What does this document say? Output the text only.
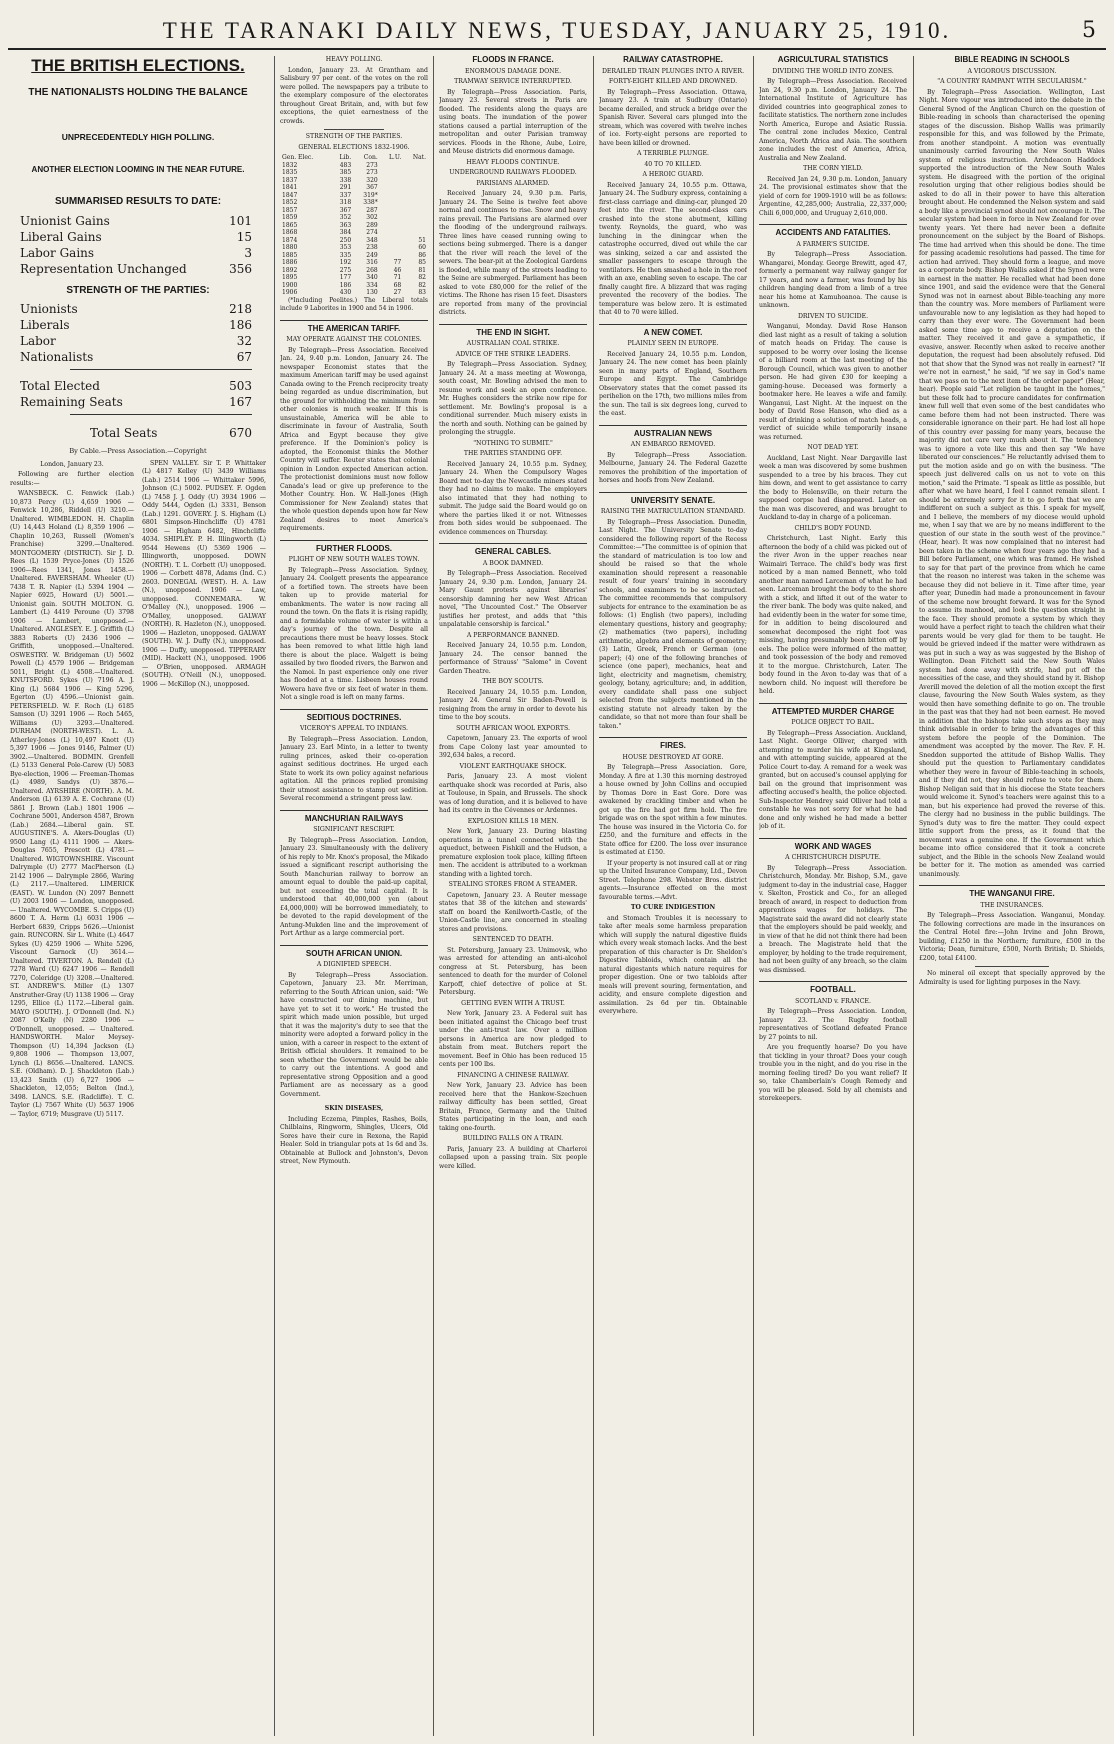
THE TARANAKI DAILY NEWS, TUESDAY, JANUARY 25, 1910.	5
THE BRITISH ELECTIONS.
THE NATIONALISTS HOLDING THE BALANCE
UNPRECEDENTEDLY HIGH POLLING.
ANOTHER ELECTION LOOMING IN THE NEAR FUTURE.
SUMMARISED RESULTS TO DATE:
Unionist Gains	101
Liberal Gains	15
Labor Gains	3
Representation Unchanged	356
STRENGTH OF THE PARTIES:
Unionists	218
Liberals	186
Labor	32
Nationalists	67
Total Elected	503
Remaining Seats	167
Total Seats	670
By Cable.—Press Association.—Copyright
London, January 23.

Following are further election results:—

WANSBECK. C. Fenwick (Lab.) 10,873 Percy (U.) 4,659 1906 — Fenwick 10,286, Riddell (U) 3210.—Unaltered. WIMBLEDON. H. Chaplin (U) 14,443 Holand (L) 8,359 1906 — Chaplin 10,263, Russell (Women's Franchise) 3299.—Unaltered. MONTGOMERY (DISTRICT). Sir J. D. Rees (L) 1539 Pryce-Jones (U) 1526 1906—Rees 1341, Jones 1458.—Unaltered. FAVERSHAM. Wheeler (U) 7438 T. R. Napier (L) 5394 1904 — Napier 6925, Howard (U) 5001.—Unionist gain. SOUTH MOLTON. G. Lambert (L) 4419 Peroune (U) 3798 1906 — Lambert, unopposed.—Unaltered. ANGLESEY. E. J. Griffith (L) 3883 Roberts (U) 2436 1906 — Griffith, unopposed.—Unaltered. OSWESTRY. W. Bridgeman (U) 5602 Powell (L) 4579 1906 — Bridgeman 5011, Bright (L) 4508.—Unaltered. KNUTSFORD. Sykes (U) 7196 A. J. King (L) 5684 1906 — King 5296, Egerton (U) 4596.—Unionist gain. PETERSFIELD. W. F. Roch (L) 6185 Samson (U) 3291 1906 — Roch 5465, Williams (U) 3293.—Unaltered. DURHAM (NORTH-WEST). L. A. Atherley-Jones (L) 10,497 Knott (U) 5,397 1906 — Jones 9146, Palmer (U) 3902.—Unaltered. BODMIN. Grenfell (L) 5133 General Pole-Carew (U) 5083 Bye-election, 1906 — Freeman-Thomas (L) 4989, Sandys (U) 3876.—Unaltered. AYRSHIRE (NORTH). A. M. Anderson (L) 6139 A. E. Cochrane (U) 5861 J. Brown (Lab.) 1801 1906 — Cochrane 5001, Anderson 4587, Brown (Lab.) 2684.—Liberal gain. ST. AUGUSTINE'S. A. Akers-Douglas (U) 9500 Lang (L) 4111 1906 — Akers-Douglas 7655, Prescott (L) 4781.—Unaltered. WIGTOWNSHIRE. Viscount Dalrymple (U) 2777 MacPherson (L) 2142 1906 — Dalrymple 2866, Waring (L) 2117.—Unaltered. LIMERICK (EAST). W. Lundon (N) 2097 Bennett (U) 2003 1906 — London, unopposed. — Unaltered. WYCOMBE. S. Cripps (U) 8600 T. A. Herm (L) 6031 1906 — Herbert 6839, Cripps 5626.—Unionist gain. RUNCORN. Sir L. White (L) 4647 Sykes (U) 4259 1906 — White 5296, Viscount Garnock (U) 3614.—Unaltered. TIVERTON. A. Rendell (L) 7278 Ward (U) 6247 1906 — Rendell 7270, Coleridge (U) 3208.—Unaltered. ST. ANDREW'S. Miller (L) 1307 Anstruther-Gray (U) 1138 1906 — Gray 1295, Ellice (L) 1172.—Liberal gain. MAYO (SOUTH). J. O'Donnell (Ind. N.) 2087 O'Kelly (N) 2280 1906 — O'Donnell, unopposed. — Unaltered. HANDSWORTH. Malor Meysey-Thompson (U) 14,394 Jackson (L) 9,808 1906 — Thompson 13,007, Lynch (L) 8656.—Unaltered. LANCS. S.E. (Oldham). D. J. Shackleton (Lab.) 13,423 Smith (U) 6,727 1906 — Shackleton, 12,055; Belton (Ind.), 3498. LANCS. S.E. (Radcliffe). T. C. Taylor (L) 7567 White (U) 5637 1906 — Taylor, 6719; Musgrave (U) 5117.

SPEN VALLEY. Sir T. P. Whittaker (L) 4817 Kelley (U) 3439 Williams (Lab.) 2514 1906 — Whittaker 5996, Johnson (C.) 5002. PUDSEY. F. Ogden (L) 7458 J. J. Oddy (U) 3934 1906 — Oddy 5444, Ogden (L) 3331, Benson (Lab.) 1291. GOVERY. J. S. Higham (L) 6801 Simpson-Hinchcliffe (U) 4781 1906 — Higham 6482, Hinchcliffe 4034. SHIPLEY. P. H. Illingworth (L) 9544 Hewens (U) 5369 1906 — Illingworth, unopposed. DOWN (NORTH). T. L. Corbett (U) unopposed. 1906 — Corbett 4878, Adams (Ind. C.) 2603. DONEGAL (WEST). H. A. Law (N.), unopposed. 1906 — Law, unopposed. CONNEMARA. W. O'Malley (N.), unopposed. 1906 — O'Malley, unopposed. GALWAY (NORTH). R. Hazleton (N.), unopposed. 1906 — Hazleton, unopposed. GALWAY (SOUTH). W. J. Duffy (N.), unopposed. 1906 — Duffy, unopposed. TIPPERARY (MID). Hackett (N.), unopposed. 1906 — O'Brien, unopposed. ARMAGH (SOUTH). O'Neill (N.), unopposed. 1906 — McKillop (N.), unopposed.

HEAVY POLLING.

London, January 23. At Grantham and Salisbury 97 per cent. of the votes on the roll were polled. The newspapers pay a tribute to the exemplary composure of the electorates throughout Great Britain, and, with but few exceptions, the quiet earnestness of the crowds.

STRENGTH OF THE PARTIES.
GENERAL ELECTIONS 1832-1906.
Gen. Elec.	Lib.	Con.	L.U.	Nat.
1832	483	273		
1835	385	273		
1837	338	320		
1841	291	367		
1847	337	319*		
1852	318	338*		
1857	367	287		
1859	352	302		
1865	363	289		
1868	384	274		
1874	250	348		51
1880	353	238		60
1885	335	249		86
1886	192	316	77	85
1892	275	268	46	81
1895	177	340	71	82
1900	186	334	68	82
1906	430	130	27	83

(*Including Peelites.) The Liberal totals include 9 Laborites in 1900 and 54 in 1906.

THE AMERICAN TARIFF.
MAY OPERATE AGAINST THE COLONIES.

By Telegraph—Press Association. Received Jan. 24, 9.40 p.m. London, January 24. The newspaper Economist states that the maximum American tariff may be used against Canada owing to the French reciprocity treaty being regarded as undue discrimination, but the ground for withholding the minimum from other colonies is much weaker. If this is unsustainable, America will be able to discriminate in favour of Australia, South Africa and Egypt because they give preference. If the Dominion's policy is adopted, the Economist thinks the Mother Country will suffer. Reuter states that colonial opinion in London expected American action. The protectionist dominions must now follow Canada's lead or give up preference to the Mother Country. Hon. W. Hall-Jones (High Commissioner for New Zealand) states that the whole question depends upon how far New Zealand desires to meet America's requirements.

FURTHER FLOODS.
PLIGHT OF NEW SOUTH WALES TOWN.

By Telegraph—Press Association. Sydney, January 24. Coolgett presents the appearance of a fortified town. The streets have been taken up to provide material for embankments. The water is now racing all round the town. On the flats it is rising rapidly, and a formidable volume of water is within a day's journey of the town. Despite all precautions there must be heavy losses. Stock has been removed to what little high land there is about the place. Walgett is being assailed by two flooded rivers, the Barwon and the Namoi. In past experience only one river has flooded at a time. Lisbeen houses round Wowera have five or six feet of water in them. Not a single road is left on many farms.

SEDITIOUS DOCTRINES.
VICEROY'S APPEAL TO INDIANS.

By Telegraph—Press Association. London, January 23. Earl Minto, in a letter to twenty ruling princes, asked their co-operation against seditious doctrines. He urged each State to work its own policy against nefarious agitation. All the princes replied promising their utmost assistance to stamp out sedition. Several recommend a stringent press law.

MANCHURIAN RAILWAYS
SIGNIFICANT RESCRIPT.

By Telegraph—Press Association. London, January 23. Simultaneously with the delivery of his reply to Mr. Knox's proposal, the Mikado issued a significant rescript authorising the South Manchurian railway to borrow an amount equal to double the paid-up capital, but not exceeding the total capital. It is understood that 40,000,000 yen (about £4,000,000) will be borrowed immediately, to be devoted to the rapid development of the Antung-Mukden line and the improvement of Port Arthur as a large commercial port.

SOUTH AFRICAN UNION.
A DIGNIFIED SPEECH.

By Telegraph—Press Association. Capetown, January 23. Mr. Merriman, referring to the South African union, said: "We have constructed our dining machine, but have yet to set it to work." He trusted the spirit which made union possible, but urged that it was the majority's duty to see that the minority were adopted a forward policy in the union, with a career in respect to the extent of British official shoulders. It remained to be seen whether the Government would be able to carry out the intentions. A good and representative strong Opposition and a good Parliament are as necessary as a good Government.

SKIN DISEASES,

Including Eczema, Pimples, Rashes, Boils, Chilblains, Ringworm, Shingles, Ulcers, Old Sores have their cure in Rexona, the Rapid Healer. Sold in triangular pots at 1s 6d and 3s. Obtainable at Bullock and Johnston's, Devon street, New Plymouth.

FLOODS IN FRANCE.
ENORMOUS DAMAGE DONE.
TRAMWAY SERVICE INTERRUPTED.

By Telegraph—Press Association. Paris, January 23. Several streets in Paris are flooded. The residents along the quays are using boats. The inundation of the power stations caused a partial interruption of the metropolitan and outer Parisian tramway services. Floods in the Rhone, Aube, Loire, and Meuse districts did enormous damage.

HEAVY FLOODS CONTINUE.
UNDERGROUND RAILWAYS FLOODED.
PARISIANS ALARMED.

Received January 24, 9.30 p.m. Paris, January 24. The Seine is twelve feet above normal and continues to rise. Snow and heavy rains prevail. The Parisians are alarmed over the flooding of the underground railways. Three lines have ceased running owing to sections being submerged. There is a danger that the river will reach the level of the sewers. The bear-pit at the Zoological Gardens is flooded, while many of the streets leading to the Seine are submerged. Parliament has been asked to vote £80,000 for the relief of the victims. The Rhone has risen 15 feet. Disasters are reported from many of the provincial districts.

THE END IN SIGHT.
AUSTRALIAN COAL STRIKE.
ADVICE OF THE STRIKE LEADERS.

By Telegraph—Press Association. Sydney, January 24. At a mass meeting at Wowonga, south coast, Mr. Bowling advised the men to resume work and seek an open conference. Mr. Hughes considers the strike now ripe for settlement. Mr. Bowling's proposal is a conditional surrender. Much misery exists in the north and south. Nothing can be gained by prolonging the struggle.

"NOTHING TO SUBMIT."
THE PARTIES STANDING OFF.

Received January 24, 10.55 p.m. Sydney, January 24. When the Compulsory Wages Board met to-day the Newcastle miners stated they had no claims to make. The employers also intimated that they had nothing to submit. The judge said the Board would go on where the parties liked it or not. Witnesses from both sides would be subpoenaed. The evidence commences on Thursday.

GENERAL CABLES.
A BOOK DAMNED.

By Telegraph—Press Association. Received January 24, 9.30 p.m. London, January 24. Mary Gaunt protests against libraries' censorship damning her new West African novel, "The Uncounted Cost." The Observer justifies her protest, and adds that "this unpalatable censorship is farcical."

A PERFORMANCE BANNED.

Received January 24, 10.55 p.m. London, January 24. The censor banned the performance of Strauss' "Salome" in Covent Garden Theatre.

THE BOY SCOUTS.

Received January 24, 10.55 p.m. London, January 24. General Sir Baden-Powell is resigning from the army in order to devote his time to the boy scouts.

SOUTH AFRICAN WOOL EXPORTS.

Capetown, January 23. The exports of wool from Cape Colony last year amounted to 392,634 bales, a record.

VIOLENT EARTHQUAKE SHOCK.

Paris, January 23. A most violent earthquake shock was recorded at Paris, also at Toulouse, in Spain, and Brussels. The shock was of long duration, and it is believed to have had its centre in the Cévennes or Ardennes.

EXPLOSION KILLS 18 MEN.

New York, January 23. During blasting operations in a tunnel connected with the aqueduct, between Fishkill and the Hudson, a premature explosion took place, killing fifteen men. The accident is attributed to a workman standing with a lighted torch.

STEALING STORES FROM A STEAMER.

Capetown, January 23. A Reuter message states that 38 of the kitchen and stewards' staff on board the Kenilworth-Castle, of the Union-Castle line, are concerned in stealing stores and provisions.

SENTENCED TO DEATH.

St. Petersburg, January 23. Unimovsk, who was arrested for attending an anti-alcohol congress at St. Petersburg, has been sentenced to death for the murder of Colonel Karpoff, chief detective of police at St. Petersburg.

GETTING EVEN WITH A TRUST.

New York, January 23. A Federal suit has been initiated against the Chicago beef trust under the anti-trust law. Over a million persons in America are now pledged to abstain from meat. Butchers report the movement. Beef in Ohio has been reduced 15 cents per 100 lbs.

FINANCING A CHINESE RAILWAY.

New York, January 23. Advice has been received here that the Hankow-Szechuen railway difficulty has been settled, Great Britain, France, Germany and the United States participating in the loan, and each taking one-fourth.

BUILDING FALLS ON A TRAIN.

Paris, January 23. A building at Charleroi collapsed upon a passing train. Six people were killed.

RAILWAY CATASTROPHE.
DERAILED TRAIN PLUNGES INTO A RIVER.
FORTY-EIGHT KILLED AND DROWNED.

By Telegraph—Press Association. Ottawa, January 23. A train at Sudbury (Ontario) became derailed, and struck a bridge over the Spanish River. Several cars plunged into the stream, which was covered with twelve inches of ice. Forty-eight persons are reported to have been killed or drowned.

A TERRIBLE PLUNGE.
40 TO 70 KILLED.
A HEROIC GUARD.

Received January 24, 10.55 p.m. Ottawa, January 24. The Sudbury express, containing a first-class carriage and dining-car, plunged 20 feet into the river. The second-class cars crashed into the stone abutment, killing twenty. Reynolds, the guard, who was lunching in the diningcar when the catastrophe occurred, dived out while the car was sinking, seized a car and assisted the smaller passengers to escape through the ventilators. He then smashed a hole in the roof with an axe, enabling seven to escape. The car finally caught fire. A blizzard that was raging prevented the recovery of the bodies. The temperature was below zero. It is estimated that 40 to 70 were killed.

A NEW COMET.
PLAINLY SEEN IN EUROPE.

Received January 24, 10.55 p.m. London, January 24. The new comet has been plainly seen in many parts of England, Southern Europe and Egypt. The Cambridge Observatory states that the comet passed its perihelion on the 17th, two millions miles from the sun. The tail is six degrees long, curved to the east.

AUSTRALIAN NEWS
AN EMBARGO REMOVED.

By Telegraph—Press Association. Melbourne, January 24. The Federal Gazette removes the prohibition of the importation of horses and hoofs from New Zealand.

UNIVERSITY SENATE.
RAISING THE MATRICULATION STANDARD.

By Telegraph—Press Association. Dunedin, Last Night. The University Senate to-day considered the following report of the Recess Committee:—"The committee is of opinion that the standard of matriculation is too low and should be raised so that the whole examination should represent a reasonable result of four years' training in secondary schools, and examiners to be so instructed. The committee recommends that compulsory subjects for entrance to the examination be as follows: (1) English (two papers), including elementary questions, history and geography; (2) mathematics (two papers), including arithmetic, algebra and elements of geometry; (3) Latin, Greek, French or German (one paper); (4) one of the following branches of science (one paper), mechanics, heat and light, electricity and magnetism, chemistry, geology, botany, agriculture; and, in addition, every candidate shall pass one subject selected from the subjects mentioned in the existing statute not already taken by the candidate, so that not more than four shall be taken."

FIRES.
HOUSE DESTROYED AT GORE.

By Telegraph—Press Association. Gore, Monday. A fire at 1.30 this morning destroyed a house owned by John Collins and occupied by Thomas Dore in East Gore. Dore was awakened by crackling timber and when he got up the fire had got firm hold. The fire brigade was on the spot within a few minutes. The house was insured in the Victoria Co. for £250, and the furniture and effects in the State office for £200. The loss over insurance is estimated at £150.

If your property is not insured call at or ring up the United Insurance Company, Ltd., Devon Street. Telephone 298. Webster Bros. district agents.—Insurance effected on the most favourable terms.—Advt.

TO CURE INDIGESTION

and Stomach Troubles it is necessary to take after meals some harmless preparation which will supply the natural digestive fluids which every weak stomach lacks. And the best preparation of this character is Dr. Sheldon's Digestive Tabloids, which contain all the natural digestants which nature requires for proper digestion. One or two tabloids after meals will prevent souring, fermentation, and acidity, and ensure complete digestion and assimilation. 2s 6d per tin. Obtainable everywhere.

AGRICULTURAL STATISTICS
DIVIDING THE WORLD INTO ZONES.

By Telegraph—Press Association. Received Jan 24, 9.30 p.m. London, January 24. The International Institute of Agriculture has divided countries into geographical zones to facilitate statistics. The northern zone includes North America, Europe and Asiatic Russia. The central zone includes Mexico, Central America, North Africa and Asia. The southern zone includes the rest of America, Africa, Australia and New Zealand.

THE CORN YIELD.

Received Jan 24, 9.30 p.m. London, January 24. The provisional estimates show that the yield of corn for 1909-1910 will be as follows: Argentine, 42,285,000; Australia, 22,337,000; Chili 6,000,000, and Uruguay 2,610,000.

ACCIDENTS AND FATALITIES.
A FARMER'S SUICIDE.

By Telegraph—Press Association. Whangarei, Monday. George Brewitt, aged 47, formerly a permanent way railway ganger for 17 years, and now a farmer, was found by his children hanging dead from a limb of a tree near his home at Kamuhoanoa. The cause is unknown.

DRIVEN TO SUICIDE.

Wanganui, Monday. David Rose Hanson died last night as a result of taking a solution of match heads on Friday. The cause is supposed to be worry over losing the license of a billiard room at the last meeting of the Borough Council, which was given to another person. He had given £30 for keeping a gaming-house. Deceased was formerly a bootmaker here. He leaves a wife and family. Wanganui, Last Night. At the inquest on the body of David Rose Hanson, who died as a result of drinking a solution of match heads, a verdict of suicide while temporarily insane was returned.

NOT DEAD YET.

Auckland, Last Night. Near Dargaville last week a man was discovered by some bushmen suspended to a tree by his braces. They cut him down, and went to get assistance to carry the body to Helensville, on their return the supposed corpse had disappeared. Later on the man was discovered, and was brought to Auckland to-day in charge of a policeman.

CHILD'S BODY FOUND.

Christchurch, Last Night. Early this afternoon the body of a child was picked out of the river Avon in the upper reaches near Waimairi Terrace. The child's body was first noticed by a man named Bennett, who told another man named Larceman of what he had seen. Larceman brought the body to the shore with a stick, and lifted it out of the water to the river bank. The body was quite naked, and had evidently been in the water for some time, for in addition to being discoloured and somewhat decomposed the right foot was missing, having presumably been bitten off by eels. The police were informed of the matter, and took possession of the body and removed it to the morgue. Christchurch, Later. The body found in the Avon to-day was that of a newborn child. No inquest will therefore be held.

ATTEMPTED MURDER CHARGE
POLICE OBJECT TO BAIL.

By Telegraph—Press Association. Auckland, Last Night. George Olliver, charged with attempting to murder his wife at Kingsland, and with attempting suicide, appeared at the Police Court to-day. A remand for a week was granted, but on accused's counsel applying for bail on the ground that imprisonment was affecting accused's health, the police objected. Sub-Inspector Hendrey said Olliver had told a constable he was not sorry for what he had done and only wished he had made a better job of it.

WORK AND WAGES
A CHRISTCHURCH DISPUTE.

By Telegraph—Press Association. Christchurch, Monday. Mr. Bishop, S.M., gave judgment to-day in the industrial case, Hagger v. Skelton, Frostick and Co., for an alleged breach of award, in respect to deduction from apprentices wages for holidays. The Magistrate said the award did not clearly state that the employers should be paid weekly, and in view of that he did not think there had been a breach. The Magistrate held that the employer, by holding to the trade requirement, had not been guilty of any breach, so the claim was dismissed.

FOOTBALL.
SCOTLAND v. FRANCE.

By Telegraph—Press Association. London, January 23. The Rugby football representatives of Scotland defeated France by 27 points to nil.

Are you frequently hoarse? Do you have that tickling in your throat? Does your cough trouble you in the night, and do you rise in the morning feeling tired? Do you want relief? If so, take Chamberlain's Cough Remedy and you will be pleased. Sold by all chemists and storekeepers.

BIBLE READING IN SCHOOLS
A VIGOROUS DISCUSSION.
"A COUNTRY RAMPANT WITH SECULARISM."

By Telegraph—Press Association. Wellington, Last Night. More vigour was introduced into the debate in the General Synod of the Anglican Church on the question of Bible-reading in schools than characterised the opening stages of the discussion. Bishop Wallis was primarily responsible for this, and was followed by the Primate, from another standpoint. A motion was eventually unanimously carried favouring the New South Wales system of religious instruction. Archdeacon Haddock supported the introduction of the New South Wales system. He disagreed with the portion of the original resolution urging that other religious bodies should be asked to do all in their power to have this alteration brought about. He condemned the Nelson system and said a body like a provincial synod should not encourage it. The secular system had been in force in New Zealand for over twenty years. Yet there had never been a definite pronouncement on the subject by the Board of Bishops. The time had arrived when this should be done. The time for passing academic resolutions had passed. The time for action had arrived. They should form a league, and move as a corporate body. Bishop Wallis asked if the Synod were in earnest in the matter. He recalled what had been done since 1901, and said the evidence were that the General Synod was not in earnest about Bible-teaching any more than the country was. More members of Parliament were unfavourable now to any legislation as they had hoped to carry than they ever were. The Government had been asked some time ago to receive a deputation on the matter. They received it and gave a sympathetic, if evasive, answer. Recently when asked to receive another deputation, the request had been absolutely refused. Did not that show that the Synod was not really in earnest? "If we're not in earnest," he said, "if we say in God's name that we pass on to the next item of the order paper" (Hear, hear). People said "Let religion be taught in the homes," but these folk had to procure candidates for confirmation knew full well that even some of the best candidates who came before them had not been instructed. There was considerable ignorance on their part. He had lost all hope of this country ever passing for many years, because the majority did not care very much about it. The tendency was to ignore a vote like this and then say "We have liberated our consciences." He reluctantly advised them to put the motion aside and go on with the business. "The speech just delivered calls on us not to vote on this motion," said the Primate. "I speak as little as possible, but after what we have heard, I feel I cannot remain silent. I should be extremely sorry for it to go forth that we are indifferent on such a subject as this. I speak for myself, and I believe, the members of my diocese would uphold me, when I say that we are by no means indifferent to the question of our state in the south west of the province." (Hear, hear). It was now complained that no interest had been taken in the scheme when four years ago they had a Bill before Parliament, one which was framed. He wished to say for that part of the province from which he came that the reason no interest was taken in the scheme was because they did not believe in it. Time after time, year after year, Dunedin had made a pronouncement in favour of the scheme now brought forward. It was for the Synod to assume its manhood, and look the question straight in the face. They should promote a system by which they would have a perfect right to teach the children what their parents would be very glad for them to be taught. He would be grieved indeed if the matter were withdrawn as was put in such a way as was suggested by the Bishop of Wellington. Dean Fitchett said the New South Wales system had done away with strife, had put off the necessities of the case, and they should stand by it. Bishop Averill moved the deletion of all the motion except the first clause, favouring the New South Wales system, as they would then have something definite to go on. The trouble in the past was that they had not been earnest. He moved in addition that the bishops take such steps as they may think advisable in order to bring the advantages of this system before the people of the Dominion. The amendment was accepted by the mover. The Rev. F. H. Sneddon supported the attitude of Bishop Wallis. They should put the question to Parliamentary candidates whether they were in favour of Bible-teaching in schools, and if they did not, they should refuse to vote for them. Bishop Neligan said that in his diocese the State teachers would welcome it. Synod's teachers were against this to a man, but his experience had proved the reverse of this. The clergy had no business in the public buildings. The Synod's duty was to fire the matter. They could expect little support from the press, as it found that the movement was a genuine one. If the Government which became into office considered that it took a concrete subject, and the Bible in the schools New Zealand would be better for it. The motion as amended was carried unanimously.

THE WANGANUI FIRE.
THE INSURANCES.

By Telegraph—Press Association. Wanganui, Monday. The following corrections are made in the insurances on the Central Hotel fire:—John Irvine and John Brown, building, £1250 in the Northern; furniture, £500 in the Victoria; Dean, furniture, £500, North British; D. Shields, £200, total £4100.

No mineral oil except that specially approved by the Admiralty is used for lighting purposes in the Navy.
